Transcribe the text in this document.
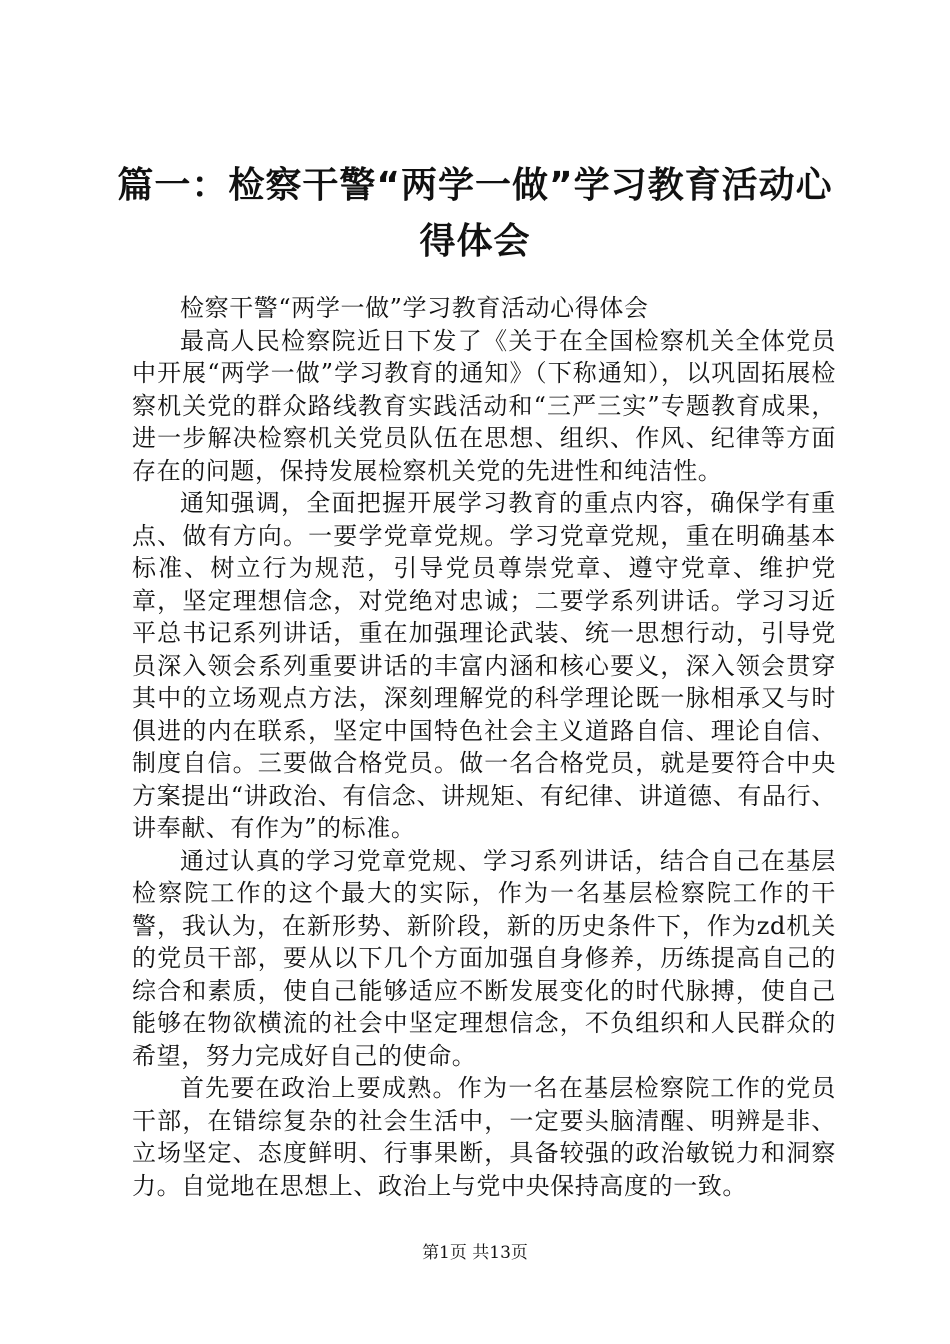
篇一：检察干警“两学一做”学习教育活动心得体会

检察干警“两学一做”学习教育活动心得体会

最高人民检察院近日下发了《关于在全国检察机关全体党员中开展“两学一做”学习教育的通知》（下称通知），以巩固拓展检察机关党的群众路线教育实践活动和“三严三实”专题教育成果，进一步解决检察机关党员队伍在思想、组织、作风、纪律等方面存在的问题，保持发展检察机关党的先进性和纯洁性。

通知强调，全面把握开展学习教育的重点内容，确保学有重点、做有方向。一要学党章党规。学习党章党规，重在明确基本标准、树立行为规范，引导党员尊崇党章、遵守党章、维护党章，坚定理想信念，对党绝对忠诚；二要学系列讲话。学习习近平总书记系列讲话，重在加强理论武装、统一思想行动，引导党员深入领会系列重要讲话的丰富内涵和核心要义，深入领会贯穿其中的立场观点方法，深刻理解党的科学理论既一脉相承又与时俱进的内在联系，坚定中国特色社会主义道路自信、理论自信、制度自信。三要做合格党员。做一名合格党员，就是要符合中央方案提出“讲政治、有信念、讲规矩、有纪律、讲道德、有品行、讲奉献、有作为”的标准。

通过认真的学习党章党规、学习系列讲话，结合自己在基层检察院工作的这个最大的实际，作为一名基层检察院工作的干警，我认为，在新形势、新阶段，新的历史条件下，作为zd机关的党员干部，要从以下几个方面加强自身修养，历练提高自己的综合和素质，使自己能够适应不断发展变化的时代脉搏，使自己能够在物欲横流的社会中坚定理想信念，不负组织和人民群众的希望，努力完成好自己的使命。

首先要在政治上要成熟。作为一名在基层检察院工作的党员干部，在错综复杂的社会生活中，一定要头脑清醒、明辨是非、立场坚定、态度鲜明、行事果断，具备较强的政治敏锐力和洞察力。自觉地在思想上、政治上与党中央保持高度的一致。

第1页 共13页
